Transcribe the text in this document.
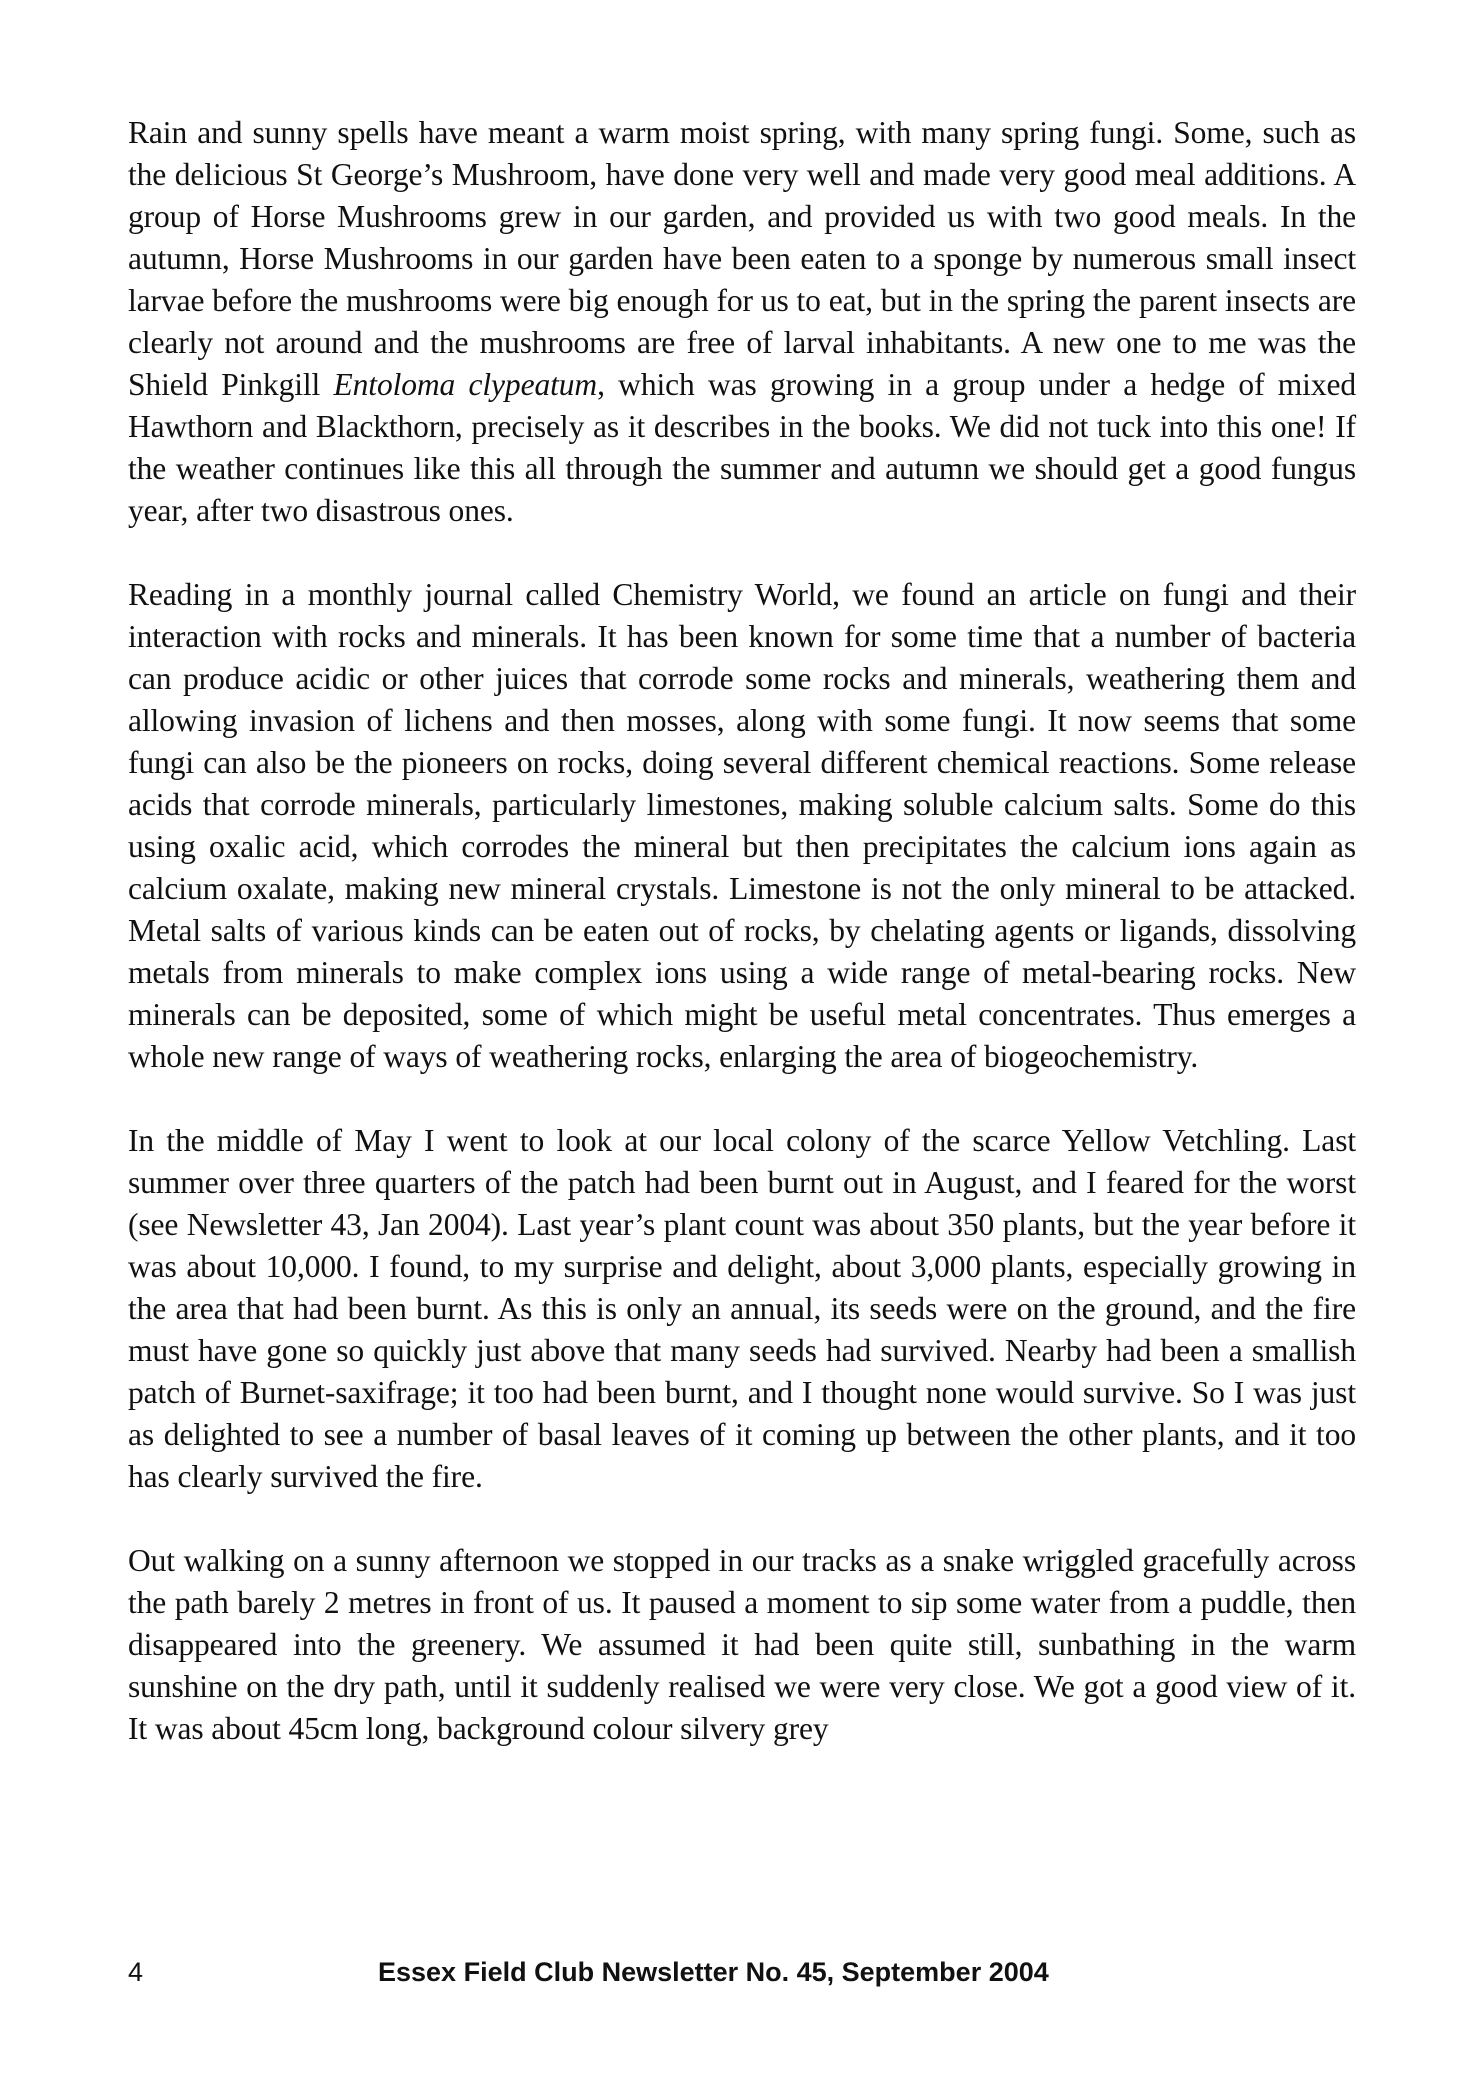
Rain and sunny spells have meant a warm moist spring, with many spring fungi. Some, such as the delicious St George’s Mushroom, have done very well and made very good meal additions. A group of Horse Mushrooms grew in our garden, and provided us with two good meals. In the autumn, Horse Mushrooms in our garden have been eaten to a sponge by numerous small insect larvae before the mushrooms were big enough for us to eat, but in the spring the parent insects are clearly not around and the mushrooms are free of larval inhabitants. A new one to me was the Shield Pinkgill Entoloma clypeatum, which was growing in a group under a hedge of mixed Hawthorn and Blackthorn, precisely as it describes in the books. We did not tuck into this one! If the weather continues like this all through the summer and autumn we should get a good fungus year, after two disastrous ones.

Reading in a monthly journal called Chemistry World, we found an article on fungi and their interaction with rocks and minerals. It has been known for some time that a number of bacteria can produce acidic or other juices that corrode some rocks and minerals, weathering them and allowing invasion of lichens and then mosses, along with some fungi. It now seems that some fungi can also be the pioneers on rocks, doing several different chemical reactions. Some release acids that corrode minerals, particularly limestones, making soluble calcium salts. Some do this using oxalic acid, which corrodes the mineral but then precipitates the calcium ions again as calcium oxalate, making new mineral crystals. Limestone is not the only mineral to be attacked. Metal salts of various kinds can be eaten out of rocks, by chelating agents or ligands, dissolving metals from minerals to make complex ions using a wide range of metal-bearing rocks. New minerals can be deposited, some of which might be useful metal concentrates. Thus emerges a whole new range of ways of weathering rocks, enlarging the area of biogeochemistry.

In the middle of May I went to look at our local colony of the scarce Yellow Vetchling. Last summer over three quarters of the patch had been burnt out in August, and I feared for the worst (see Newsletter 43, Jan 2004). Last year’s plant count was about 350 plants, but the year before it was about 10,000. I found, to my surprise and delight, about 3,000 plants, especially growing in the area that had been burnt. As this is only an annual, its seeds were on the ground, and the fire must have gone so quickly just above that many seeds had survived. Nearby had been a smallish patch of Burnet-saxifrage; it too had been burnt, and I thought none would survive. So I was just as delighted to see a number of basal leaves of it coming up between the other plants, and it too has clearly survived the fire.

Out walking on a sunny afternoon we stopped in our tracks as a snake wriggled gracefully across the path barely 2 metres in front of us. It paused a moment to sip some water from a puddle, then disappeared into the greenery. We assumed it had been quite still, sunbathing in the warm sunshine on the dry path, until it suddenly realised we were very close. We got a good view of it. It was about 45cm long, background colour silvery grey

4	Essex Field Club Newsletter No. 45, September 2004
